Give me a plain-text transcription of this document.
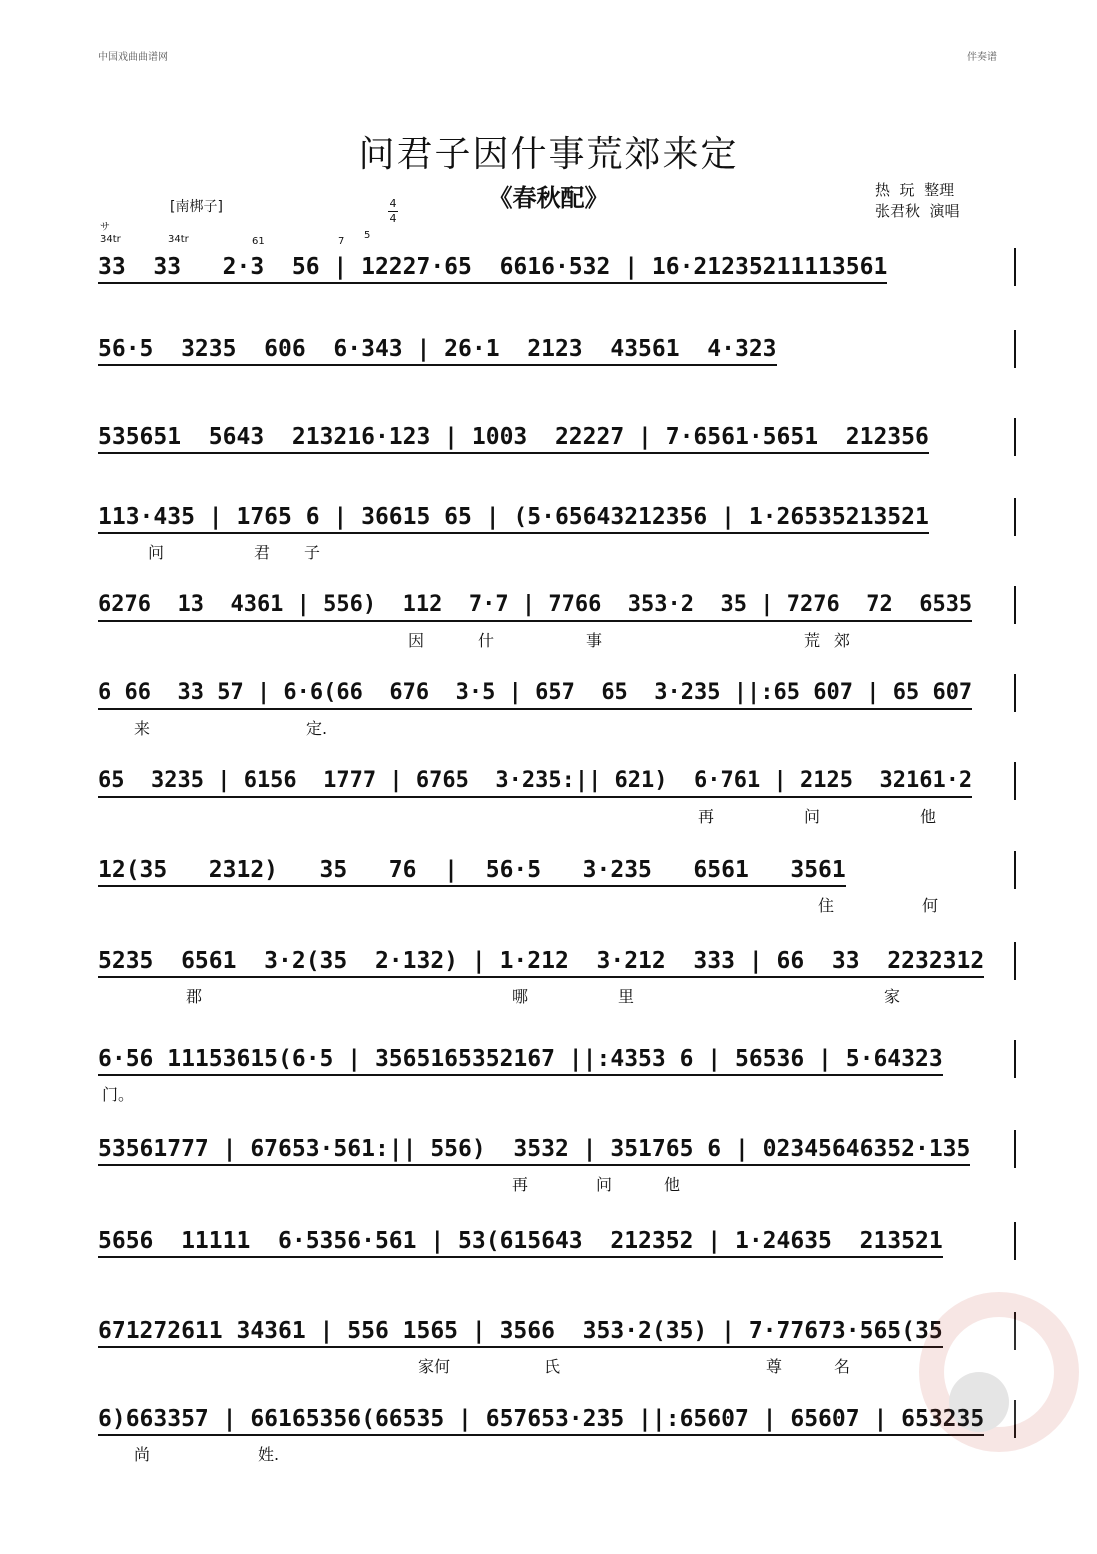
中国戏曲曲谱网	伴奏谱
问君子因什事荒郊来定
《春秋配》	热  玩  整理
张君秋  演唱
[南梆子]	4
4
サ
34tr	34tr	61	7
5
33  33   2·3  56 | 12227·65  6616·532 | 16·21235211113561
56·5  3235  606  6·343 | 26·1  2123  43561  4·323
535651  5643  213216·123 | 1003  22227 | 7·6561·5651  212356
113·435 | 1765 6 | 36615 65 | (5·65643212356 | 1·26535213521
问	君 子
6276  13  4361 | 556)  112  7·7 | 7766  353·2  35 | 7276  72  6535
因	什	事	荒 郊
6 66  33 57 | 6·6(66  676  3·5 | 657  65  3·235 ||:65 607 | 65 607
来	定.
65  3235 | 6156  1777 | 6765  3·235:|| 621)  6·761 | 2125  32161·2
再	问	他
12(35   2312)   35   76  |  56·5   3·235   6561   3561
住	何
5235  6561  3·2(35  2·132) | 1·212  3·212  333 | 66  33  2232312
郡	哪	里	家
6·56 11153615(6·5 | 3565165352167 ||:4353 6 | 56536 | 5·64323
门。
53561777 | 67653·561:|| 556)  3532 | 351765 6 | 02345646352·135
再	问	他
5656  11111  6·5356·561 | 53(615643  212352 | 1·24635  213521
671272611 34361 | 556 1565 | 3566  353·2(35) | 7·77673·565(35
家何	氏	尊	名
6)663357 | 66165356(66535 | 657653·235 ||:65607 | 65607 | 653235
尚	姓.
